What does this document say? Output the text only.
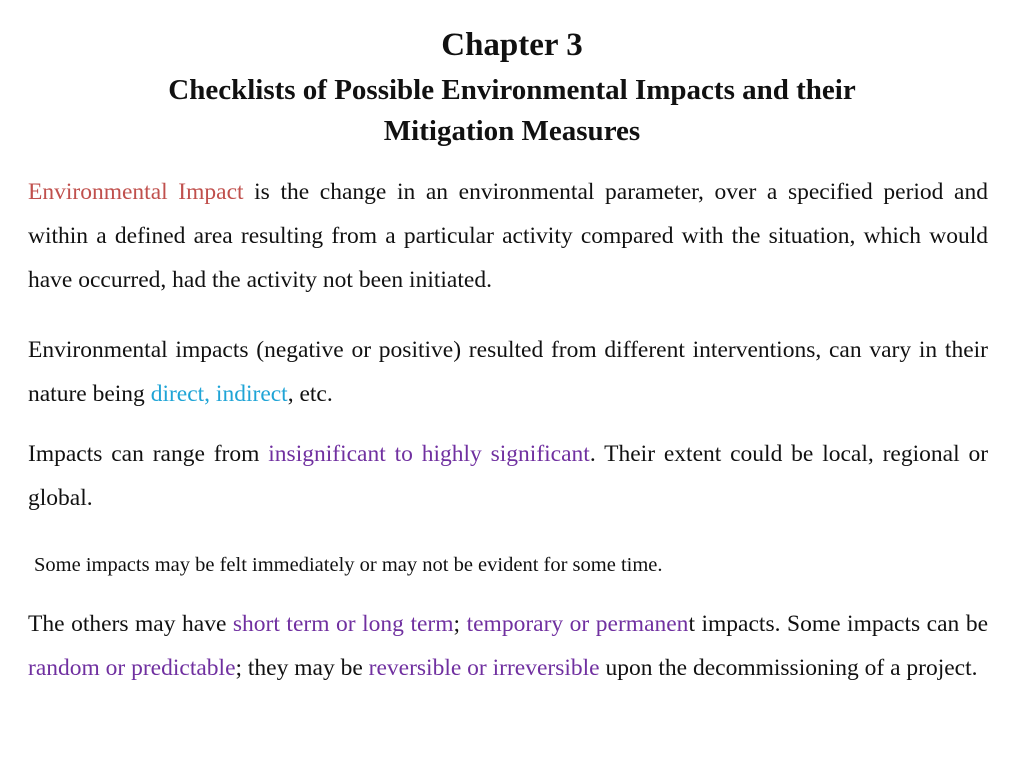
Chapter 3
Checklists of Possible Environmental Impacts and their
Mitigation Measures

Environmental Impact is the change in an environmental parameter, over a specified period and within a defined area resulting from a particular activity compared with the situation, which would have occurred, had the activity not been initiated.

Environmental impacts (negative or positive) resulted from different interventions, can vary in their nature being direct, indirect, etc.

Impacts can range from insignificant to highly significant. Their extent could be local, regional or global.

Some impacts may be felt immediately or may not be evident for some time.

The others may have short term or long term; temporary or permanent impacts. Some impacts can be random or predictable; they may be reversible or irreversible upon the decommissioning of a project.
